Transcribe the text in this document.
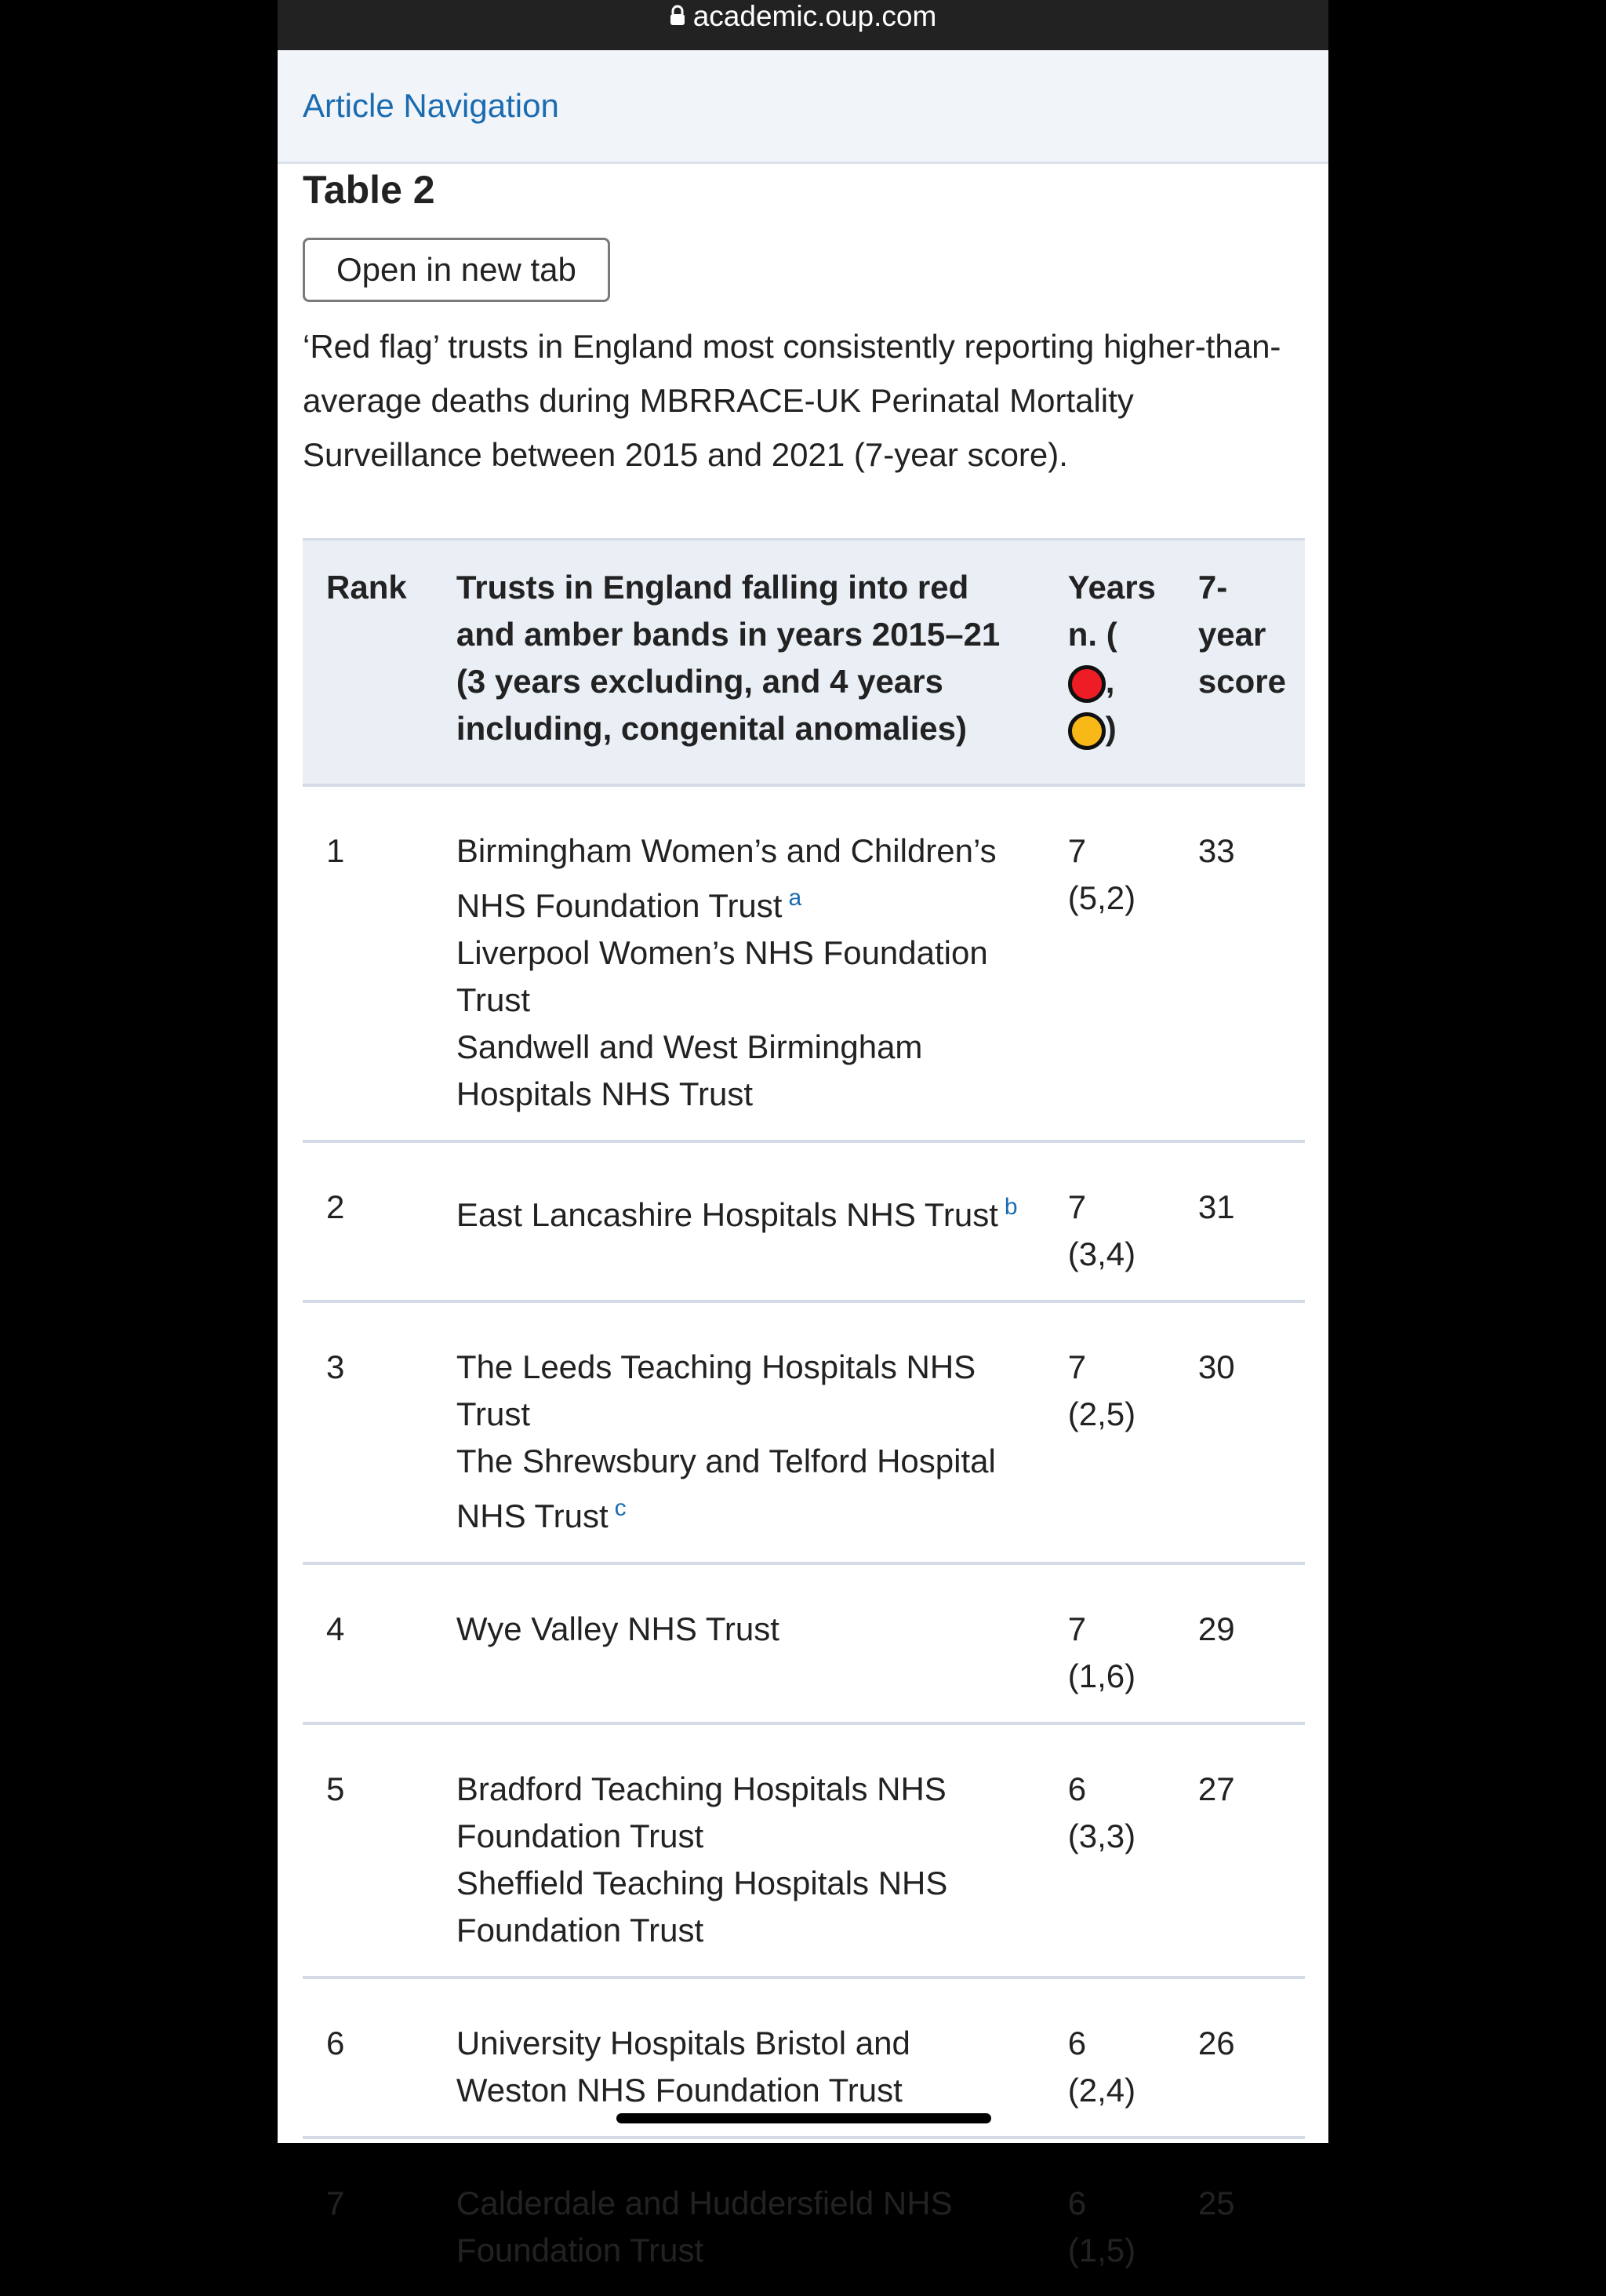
academic.oup.com
Article Navigation
Table 2
Open in new tab
‘Red flag’ trusts in England most consistently reporting higher-than-average deaths during MBRRACE-UK Perinatal Mortality Surveillance between 2015 and 2021 (7-year score).
Rank	Trusts in England falling into red and amber bands in years 2015–21 (3 years excluding, and 4 years including, congenital anomalies)	Years n. (
,
)	7-year score
1	Birmingham Women’s and Children’s NHS Foundation Trust $^a$
Liverpool Women’s NHS Foundation Trust
Sandwell and West Birmingham Hospitals NHS Trust	7
(5,2)	33
2	East Lancashire Hospitals NHS Trust $^b$	7
(3,4)	31
3	The Leeds Teaching Hospitals NHS Trust
The Shrewsbury and Telford Hospital NHS Trust $^c$	7
(2,5)	30
4	Wye Valley NHS Trust	7
(1,6)	29
5	Bradford Teaching Hospitals NHS Foundation Trust
Sheffield Teaching Hospitals NHS Foundation Trust	6
(3,3)	27
6	University Hospitals Bristol and Weston NHS Foundation Trust	6
(2,4)	26
7	Calderdale and Huddersfield NHS Foundation Trust	6
(1,5)	25
